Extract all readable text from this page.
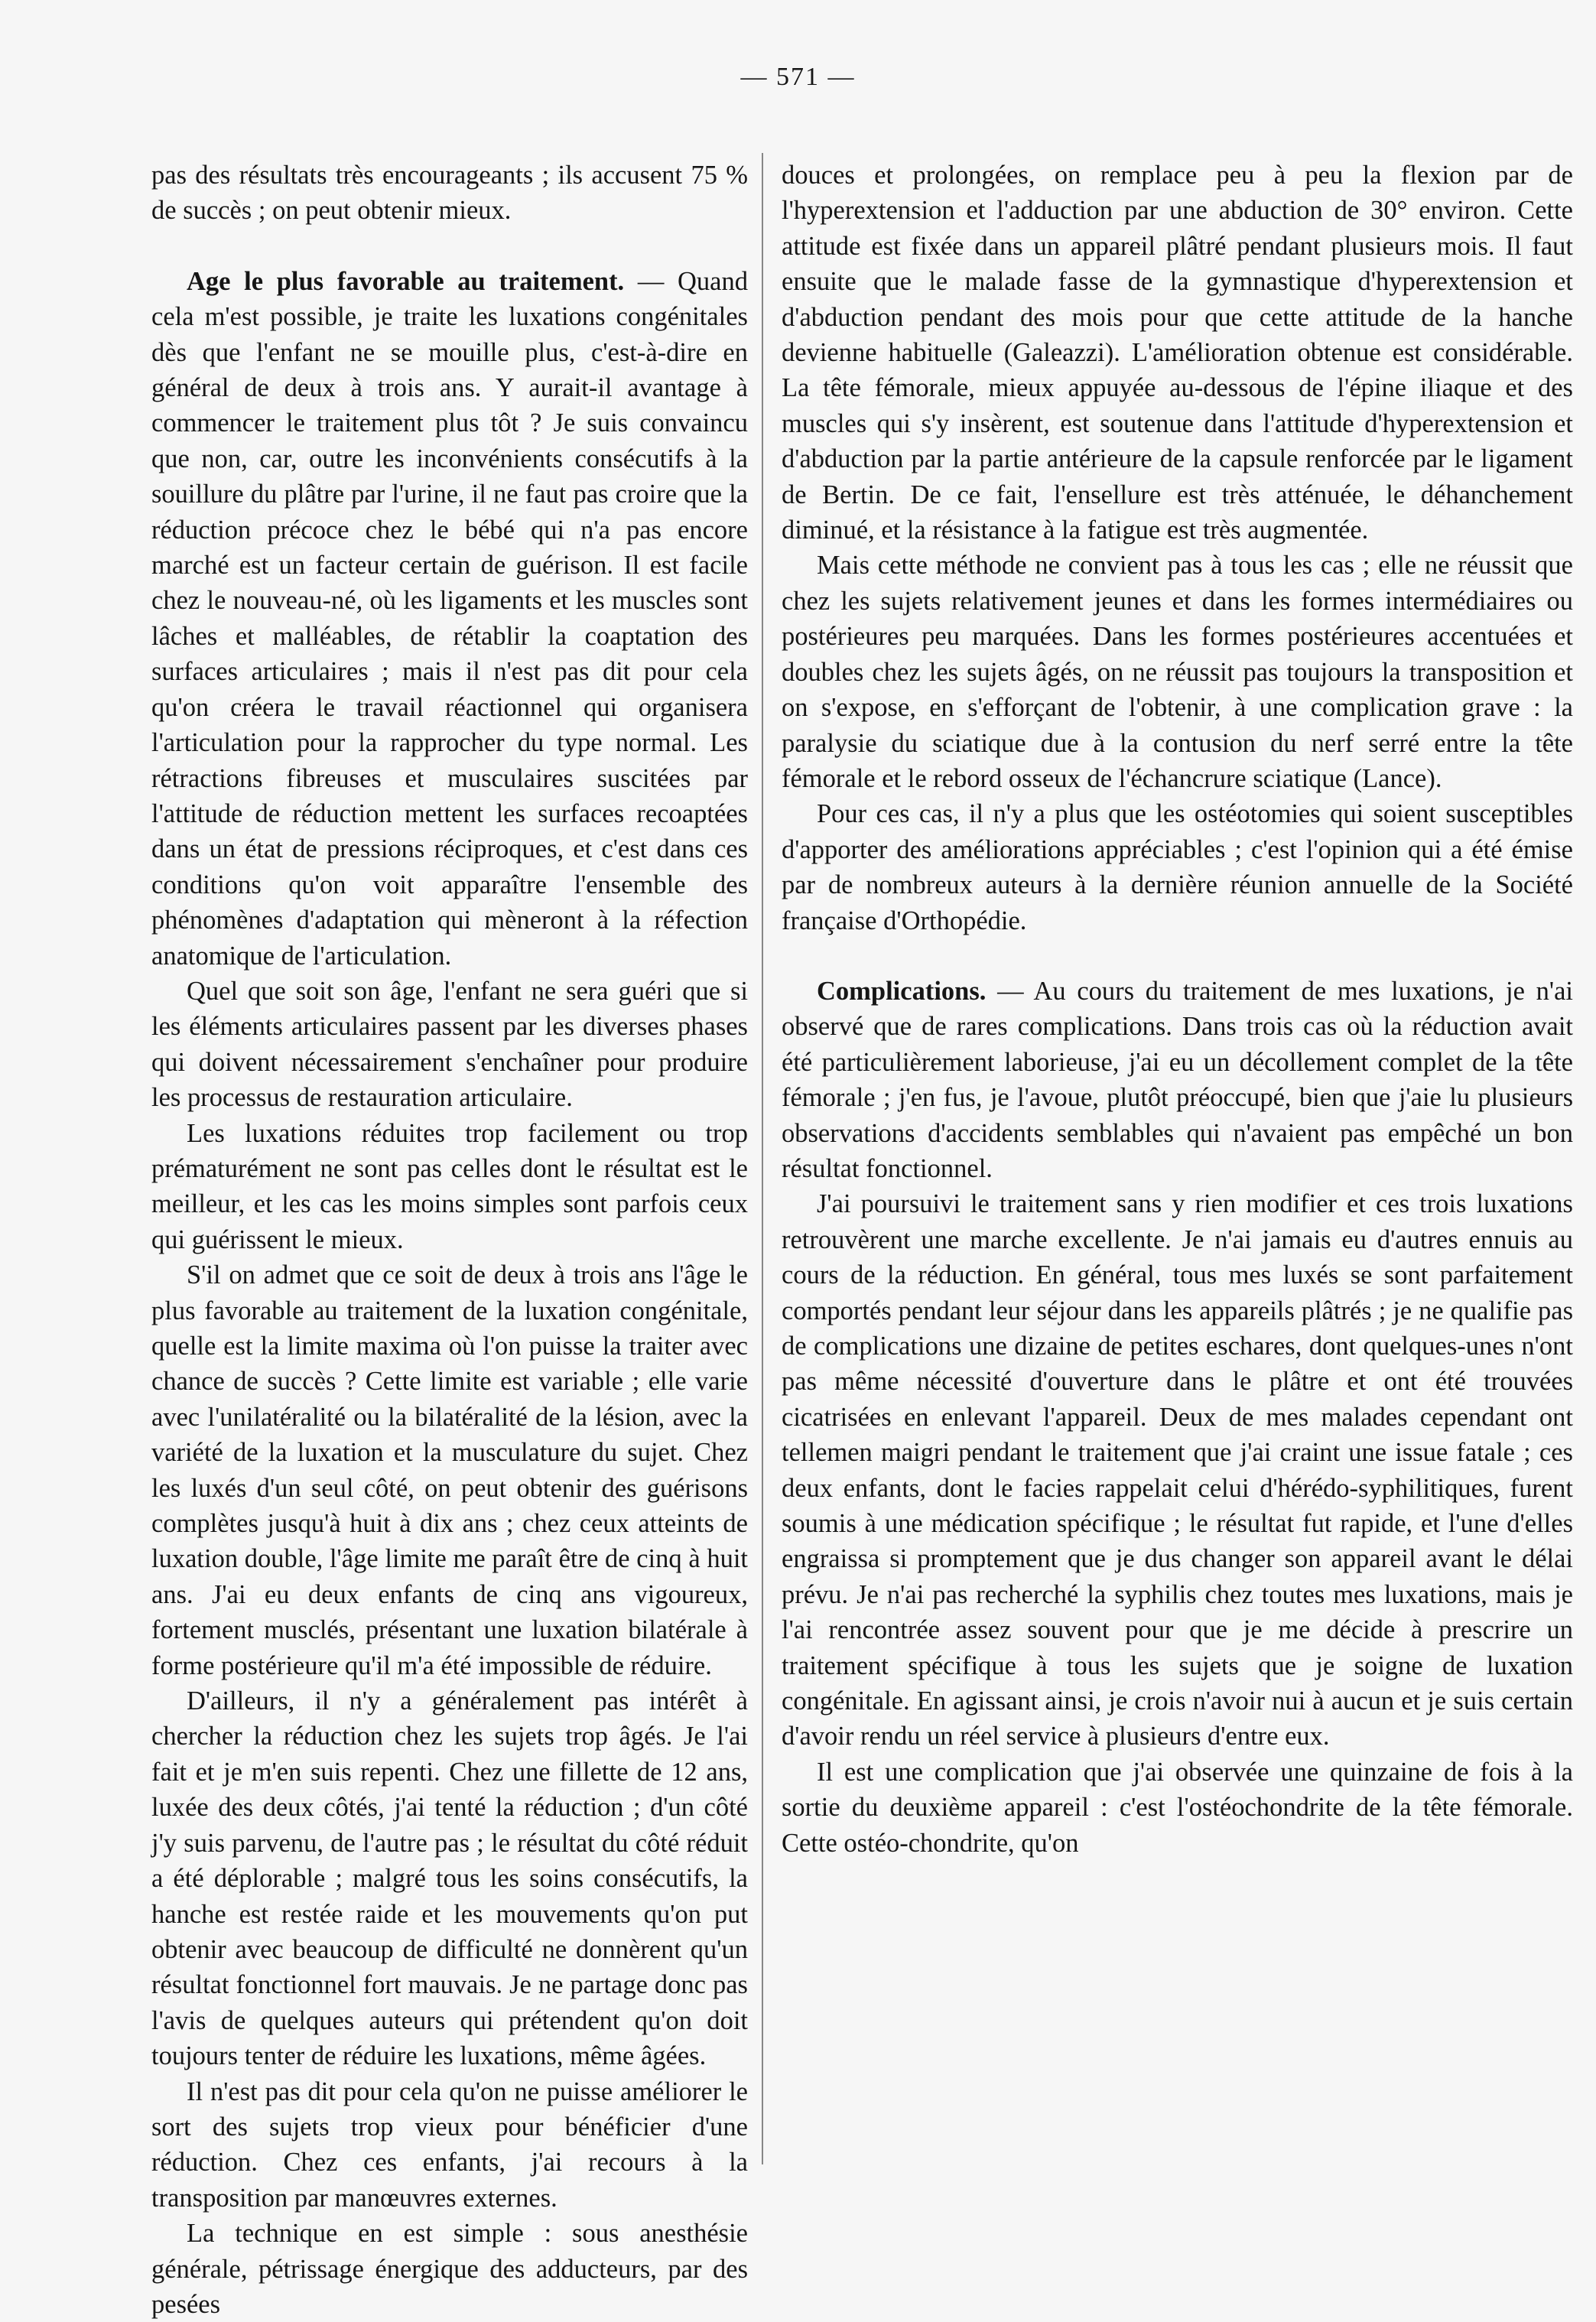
— 571 —

pas des résultats très encourageants ; ils accusent 75 % de succès ; on peut obtenir mieux.

Age le plus favorable au traitement. — Quand cela m'est possible, je traite les luxations congénitales dès que l'enfant ne se mouille plus, c'est-à-dire en général de deux à trois ans. Y aurait-il avantage à commencer le traitement plus tôt ? Je suis convaincu que non, car, outre les inconvénients consécutifs à la souillure du plâtre par l'urine, il ne faut pas croire que la réduction précoce chez le bébé qui n'a pas encore marché est un facteur certain de guérison. Il est facile chez le nouveau-né, où les ligaments et les muscles sont lâches et malléables, de rétablir la coaptation des surfaces articulaires ; mais il n'est pas dit pour cela qu'on créera le travail réactionnel qui organisera l'articulation pour la rapprocher du type normal. Les rétractions fibreuses et musculaires suscitées par l'attitude de réduction mettent les surfaces recoaptées dans un état de pressions réciproques, et c'est dans ces conditions qu'on voit apparaître l'ensemble des phénomènes d'adaptation qui mèneront à la réfection anatomique de l'articulation.

Quel que soit son âge, l'enfant ne sera guéri que si les éléments articulaires passent par les diverses phases qui doivent nécessairement s'enchaîner pour produire les processus de restauration articulaire.

Les luxations réduites trop facilement ou trop prématurément ne sont pas celles dont le résultat est le meilleur, et les cas les moins simples sont parfois ceux qui guérissent le mieux.

S'il on admet que ce soit de deux à trois ans l'âge le plus favorable au traitement de la luxation congénitale, quelle est la limite maxima où l'on puisse la traiter avec chance de succès ? Cette limite est variable ; elle varie avec l'unilatéralité ou la bilatéralité de la lésion, avec la variété de la luxation et la musculature du sujet. Chez les luxés d'un seul côté, on peut obtenir des guérisons complètes jusqu'à huit à dix ans ; chez ceux atteints de luxation double, l'âge limite me paraît être de cinq à huit ans. J'ai eu deux enfants de cinq ans vigoureux, fortement musclés, présentant une luxation bilatérale à forme postérieure qu'il m'a été impossible de réduire.

D'ailleurs, il n'y a généralement pas intérêt à chercher la réduction chez les sujets trop âgés. Je l'ai fait et je m'en suis repenti. Chez une fillette de 12 ans, luxée des deux côtés, j'ai tenté la réduction ; d'un côté j'y suis parvenu, de l'autre pas ; le résultat du côté réduit a été déplorable ; malgré tous les soins consécutifs, la hanche est restée raide et les mouvements qu'on put obtenir avec beaucoup de difficulté ne donnèrent qu'un résultat fonctionnel fort mauvais. Je ne partage donc pas l'avis de quelques auteurs qui prétendent qu'on doit toujours tenter de réduire les luxations, même âgées.

Il n'est pas dit pour cela qu'on ne puisse améliorer le sort des sujets trop vieux pour bénéficier d'une réduction. Chez ces enfants, j'ai recours à la transposition par manœuvres externes.

La technique en est simple : sous anesthésie générale, pétrissage énergique des adducteurs, par des pesées

douces et prolongées, on remplace peu à peu la flexion par de l'hyperextension et l'adduction par une abduction de 30° environ. Cette attitude est fixée dans un appareil plâtré pendant plusieurs mois. Il faut ensuite que le malade fasse de la gymnastique d'hyperextension et d'abduction pendant des mois pour que cette attitude de la hanche devienne habituelle (Galeazzi). L'amélioration obtenue est considérable. La tête fémorale, mieux appuyée au-dessous de l'épine iliaque et des muscles qui s'y insèrent, est soutenue dans l'attitude d'hyperextension et d'abduction par la partie antérieure de la capsule renforcée par le ligament de Bertin. De ce fait, l'ensellure est très atténuée, le déhanchement diminué, et la résistance à la fatigue est très augmentée.

Mais cette méthode ne convient pas à tous les cas ; elle ne réussit que chez les sujets relativement jeunes et dans les formes intermédiaires ou postérieures peu marquées. Dans les formes postérieures accentuées et doubles chez les sujets âgés, on ne réussit pas toujours la transposition et on s'expose, en s'efforçant de l'obtenir, à une complication grave : la paralysie du sciatique due à la contusion du nerf serré entre la tête fémorale et le rebord osseux de l'échancrure sciatique (Lance).

Pour ces cas, il n'y a plus que les ostéotomies qui soient susceptibles d'apporter des améliorations appréciables ; c'est l'opinion qui a été émise par de nombreux auteurs à la dernière réunion annuelle de la Société française d'Orthopédie.

Complications. — Au cours du traitement de mes luxations, je n'ai observé que de rares complications. Dans trois cas où la réduction avait été particulièrement laborieuse, j'ai eu un décollement complet de la tête fémorale ; j'en fus, je l'avoue, plutôt préoccupé, bien que j'aie lu plusieurs observations d'accidents semblables qui n'avaient pas empêché un bon résultat fonctionnel.

J'ai poursuivi le traitement sans y rien modifier et ces trois luxations retrouvèrent une marche excellente. Je n'ai jamais eu d'autres ennuis au cours de la réduction. En général, tous mes luxés se sont parfaitement comportés pendant leur séjour dans les appareils plâtrés ; je ne qualifie pas de complications une dizaine de petites eschares, dont quelques-unes n'ont pas même nécessité d'ouverture dans le plâtre et ont été trouvées cicatrisées en enlevant l'appareil. Deux de mes malades cependant ont tellemen maigri pendant le traitement que j'ai craint une issue fatale ; ces deux enfants, dont le facies rappelait celui d'hérédo-syphilitiques, furent soumis à une médication spécifique ; le résultat fut rapide, et l'une d'elles engraissa si promptement que je dus changer son appareil avant le délai prévu. Je n'ai pas recherché la syphilis chez toutes mes luxations, mais je l'ai rencontrée assez souvent pour que je me décide à prescrire un traitement spécifique à tous les sujets que je soigne de luxation congénitale. En agissant ainsi, je crois n'avoir nui à aucun et je suis certain d'avoir rendu un réel service à plusieurs d'entre eux.

Il est une complication que j'ai observée une quinzaine de fois à la sortie du deuxième appareil : c'est l'ostéochondrite de la tête fémorale. Cette ostéo-chondrite, qu'on
